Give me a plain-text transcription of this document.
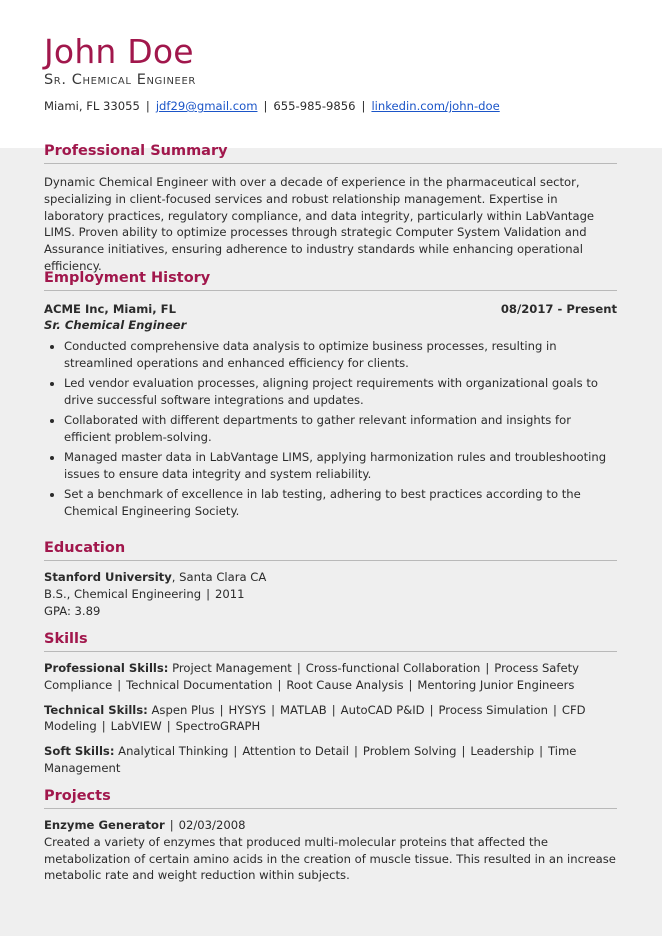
John Doe
Sr. Chemical Engineer
Miami, FL 33055 | jdf29@gmail.com | 655-985-9856 | linkedin.com/john-doe
Professional Summary

Dynamic Chemical Engineer with over a decade of experience in the pharmaceutical sector, specializing in client-focused services and robust relationship management. Expertise in laboratory practices, regulatory compliance, and data integrity, particularly within LabVantage LIMS. Proven ability to optimize processes through strategic Computer System Validation and Assurance initiatives, ensuring adherence to industry standards while enhancing operational efficiency.

Employment History
ACME Inc, Miami, FL	08/2017 - Present
Sr. Chemical Engineer
• Conducted comprehensive data analysis to optimize business processes, resulting in streamlined operations and enhanced efficiency for clients.
• Led vendor evaluation processes, aligning project requirements with organizational goals to drive successful software integrations and updates.
• Collaborated with different departments to gather relevant information and insights for efficient problem-solving.
• Managed master data in LabVantage LIMS, applying harmonization rules and troubleshooting issues to ensure data integrity and system reliability.
• Set a benchmark of excellence in lab testing, adhering to best practices according to the Chemical Engineering Society.
Education
Stanford University, Santa Clara CA
B.S., Chemical Engineering | 2011
GPA: 3.89
Skills
Professional Skills: Project Management | Cross-functional Collaboration | Process Safety Compliance | Technical Documentation | Root Cause Analysis | Mentoring Junior Engineers
Technical Skills: Aspen Plus | HYSYS | MATLAB | AutoCAD P&ID | Process Simulation | CFD Modeling | LabVIEW | SpectroGRAPH
Soft Skills: Analytical Thinking | Attention to Detail | Problem Solving | Leadership | Time Management
Projects
Enzyme Generator | 02/03/2008

Created a variety of enzymes that produced multi-molecular proteins that affected the metabolization of certain amino acids in the creation of muscle tissue. This resulted in an increase metabolic rate and weight reduction within subjects.
